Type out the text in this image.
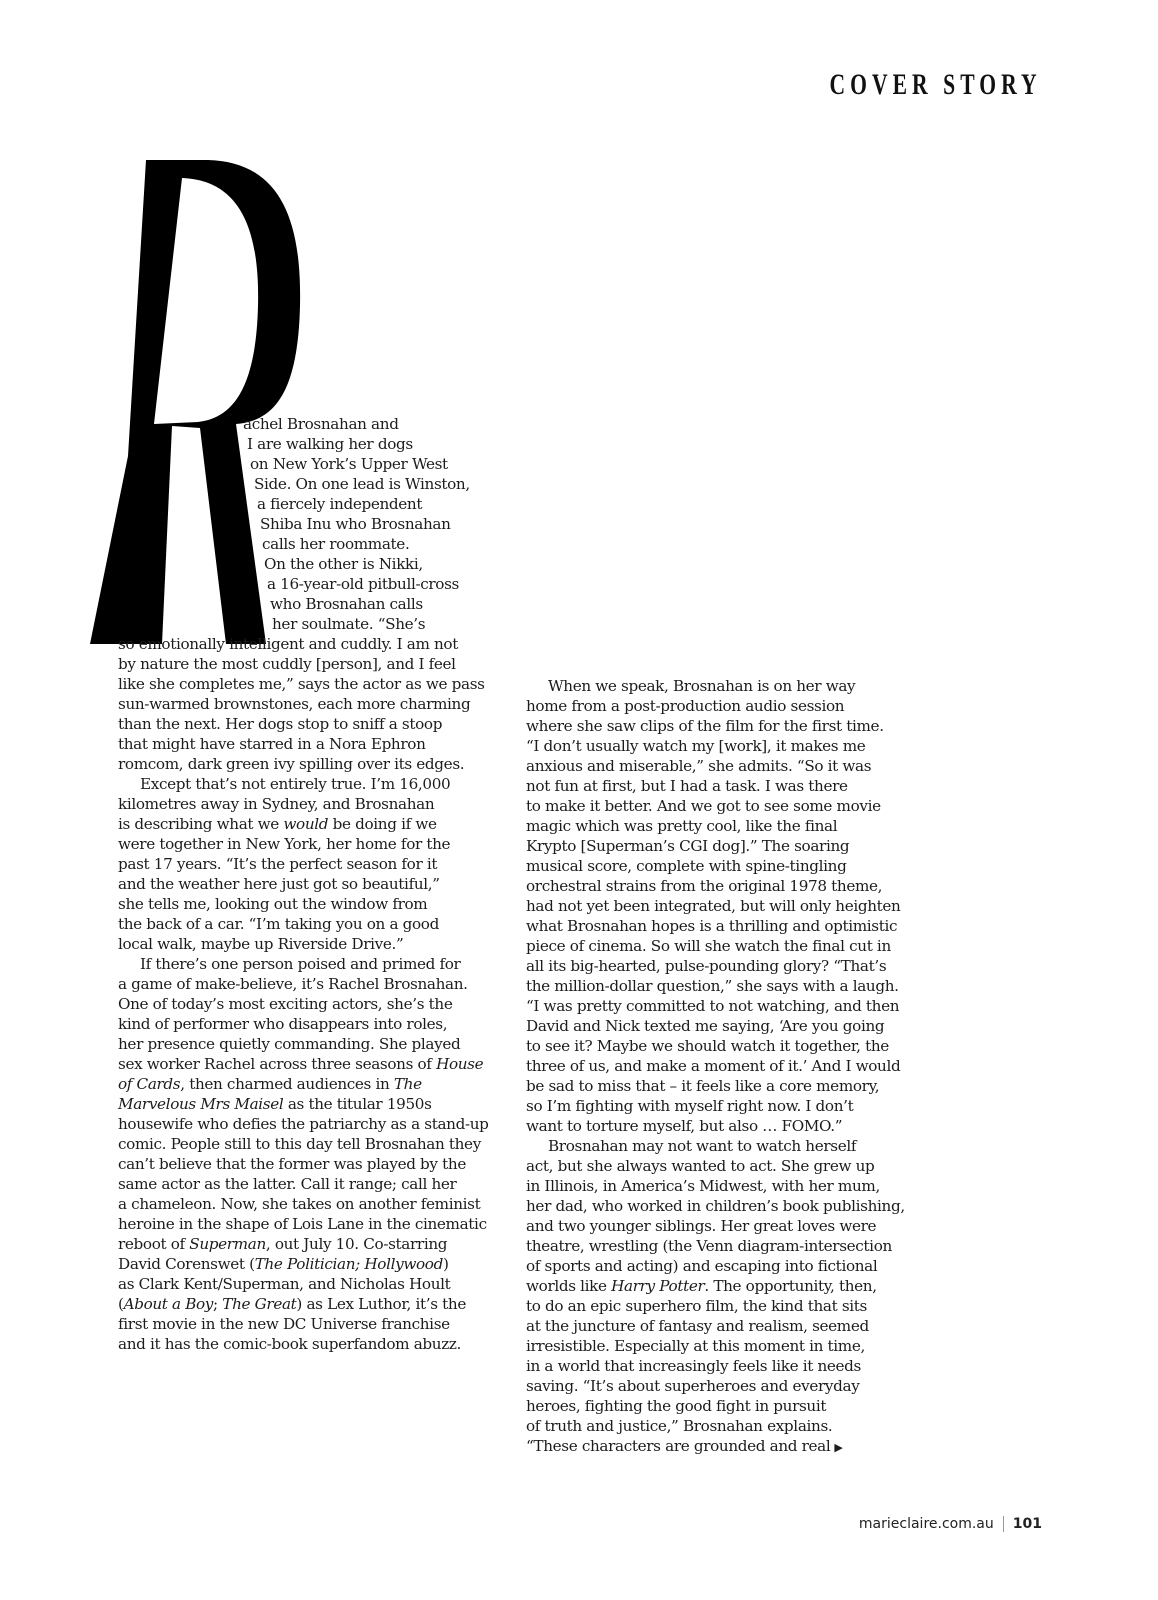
COVER STORY
achel Brosnahan and
I are walking her dogs
on New York’s Upper West
Side. On one lead is Winston,
a fiercely independent
Shiba Inu who Brosnahan
calls her roommate.
On the other is Nikki,
a 16-year-old pitbull-cross
who Brosnahan calls
her soulmate. “She’s
so emotionally intelligent and cuddly. I am not
by nature the most cuddly [person], and I feel
like she completes me,” says the actor as we pass
sun-warmed brownstones, each more charming
than the next. Her dogs stop to sniff a stoop
that might have starred in a Nora Ephron
romcom, dark green ivy spilling over its edges.
Except that’s not entirely true. I’m 16,000
kilometres away in Sydney, and Brosnahan
is describing what we would be doing if we
were together in New York, her home for the
past 17 years. “It’s the perfect season for it
and the weather here just got so beautiful,”
she tells me, looking out the window from
the back of a car. “I’m taking you on a good
local walk, maybe up Riverside Drive.”
If there’s one person poised and primed for
a game of make-believe, it’s Rachel Brosnahan.
One of today’s most exciting actors, she’s the
kind of performer who disappears into roles,
her presence quietly commanding. She played
sex worker Rachel across three seasons of House
of Cards, then charmed audiences in The
Marvelous Mrs Maisel as the titular 1950s
housewife who defies the patriarchy as a stand-up
comic. People still to this day tell Brosnahan they
can’t believe that the former was played by the
same actor as the latter. Call it range; call her
a chameleon. Now, she takes on another feminist
heroine in the shape of Lois Lane in the cinematic
reboot of Superman, out July 10. Co-starring
David Corenswet (The Politician; Hollywood)
as Clark Kent/Superman, and Nicholas Hoult
(About a Boy; The Great) as Lex Luthor, it’s the
first movie in the new DC Universe franchise
and it has the comic-book superfandom abuzz.
When we speak, Brosnahan is on her way
home from a post-production audio session
where she saw clips of the film for the first time.
“I don’t usually watch my [work], it makes me
anxious and miserable,” she admits. “So it was
not fun at first, but I had a task. I was there
to make it better. And we got to see some movie
magic which was pretty cool, like the final
Krypto [Superman’s CGI dog].” The soaring
musical score, complete with spine-tingling
orchestral strains from the original 1978 theme,
had not yet been integrated, but will only heighten
what Brosnahan hopes is a thrilling and optimistic
piece of cinema. So will she watch the final cut in
all its big-hearted, pulse-pounding glory? “That’s
the million-dollar question,” she says with a laugh.
“I was pretty committed to not watching, and then
David and Nick texted me saying, ‘Are you going
to see it? Maybe we should watch it together, the
three of us, and make a moment of it.’ And I would
be sad to miss that – it feels like a core memory,
so I’m fighting with myself right now. I don’t
want to torture myself, but also … FOMO.”
Brosnahan may not want to watch herself
act, but she always wanted to act. She grew up
in Illinois, in America’s Midwest, with her mum,
her dad, who worked in children’s book publishing,
and two younger siblings. Her great loves were
theatre, wrestling (the Venn diagram-intersection
of sports and acting) and escaping into fictional
worlds like Harry Potter. The opportunity, then,
to do an epic superhero film, the kind that sits
at the juncture of fantasy and realism, seemed
irresistible. Especially at this moment in time,
in a world that increasingly feels like it needs
saving. “It’s about superheroes and everyday
heroes, fighting the good fight in pursuit
of truth and justice,” Brosnahan explains.
“These characters are grounded and real ▶
marieclaire.com.au 101
